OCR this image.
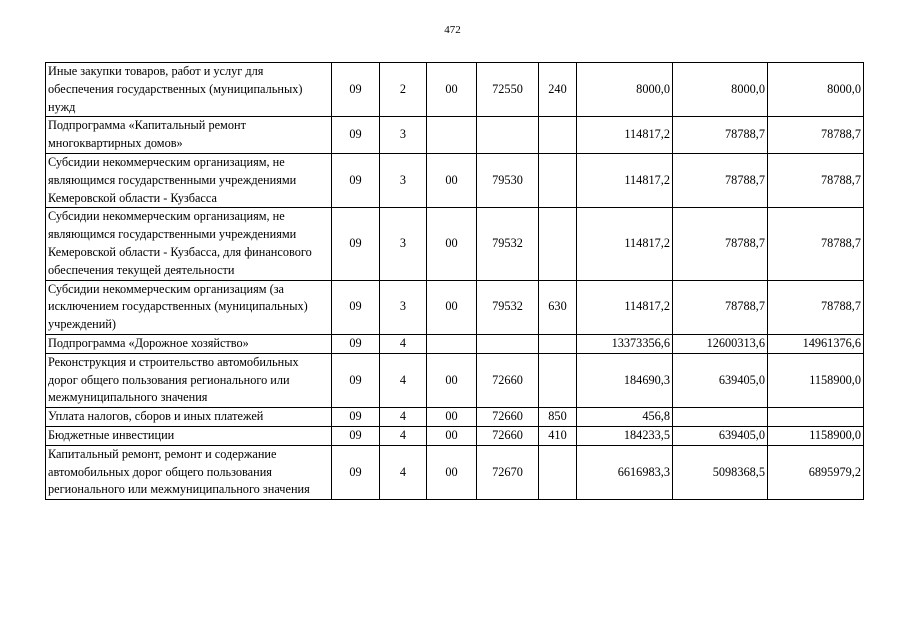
472
Иные закупки товаров, работ и услуг для обеспечения государственных (муниципальных) нужд	09	2	00	72550	240	8000,0	8000,0	8000,0
Подпрограмма «Капитальный ремонт многоквартирных домов»	09	3				114817,2	78788,7	78788,7
Субсидии некоммерческим организациям, не являющимся государственными учреждениями Кемеровской области - Кузбасса	09	3	00	79530		114817,2	78788,7	78788,7
Субсидии некоммерческим организациям, не являющимся государственными учреждениями Кемеровской области - Кузбасса, для финансового обеспечения текущей деятельности	09	3	00	79532		114817,2	78788,7	78788,7
Субсидии некоммерческим организациям (за исключением государственных (муниципальных) учреждений)	09	3	00	79532	630	114817,2	78788,7	78788,7
Подпрограмма «Дорожное хозяйство»	09	4				13373356,6	12600313,6	14961376,6
Реконструкция и строительство автомобильных дорог общего пользования регионального или межмуниципального значения	09	4	00	72660		184690,3	639405,0	1158900,0
Уплата налогов, сборов и иных платежей	09	4	00	72660	850	456,8		
Бюджетные инвестиции	09	4	00	72660	410	184233,5	639405,0	1158900,0
Капитальный ремонт, ремонт и содержание автомобильных дорог общего пользования регионального или межмуниципального значения	09	4	00	72670		6616983,3	5098368,5	6895979,2
